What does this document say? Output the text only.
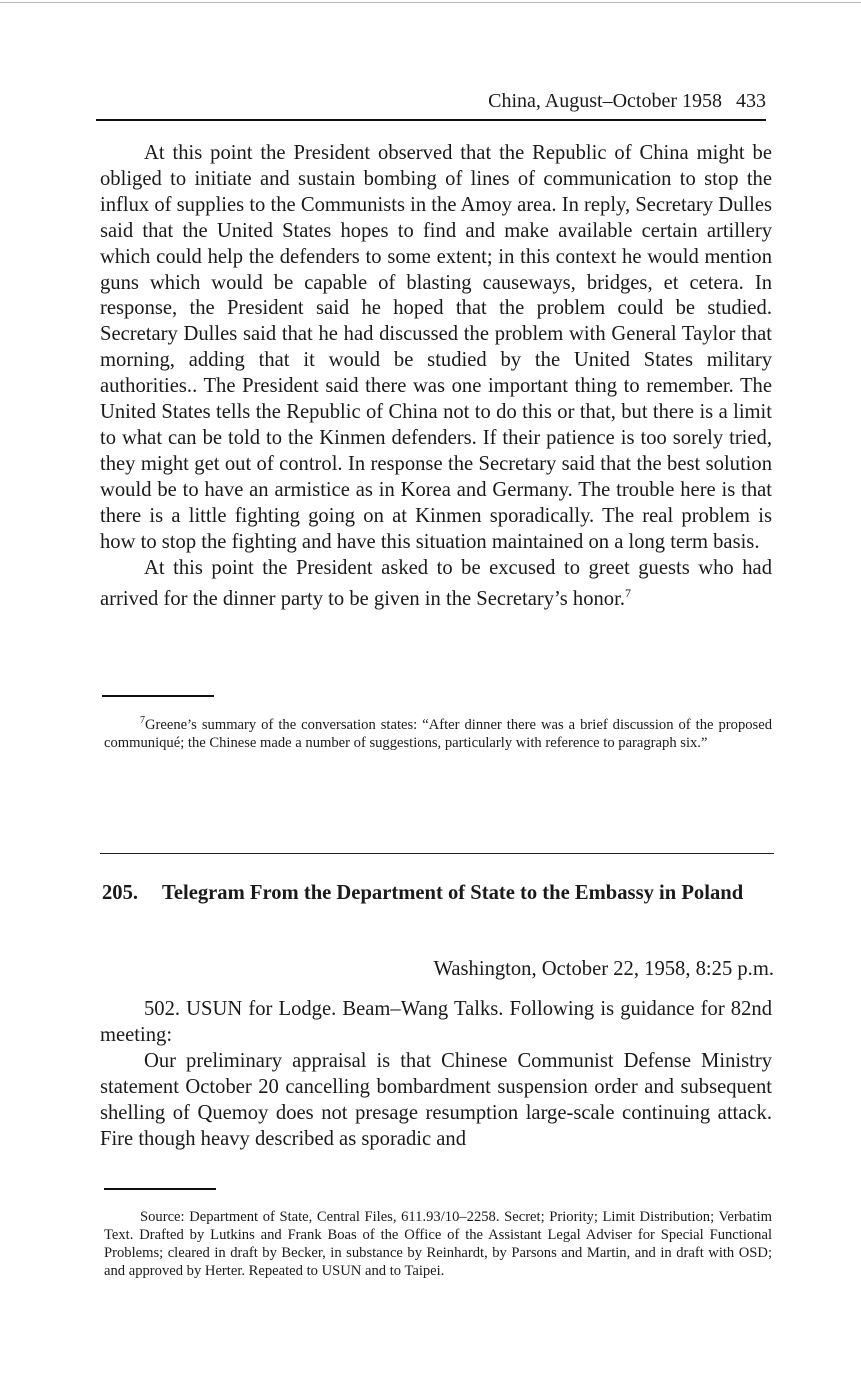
China, August–October 1958 433

At this point the President observed that the Republic of China might be obliged to initiate and sustain bombing of lines of communication to stop the influx of supplies to the Communists in the Amoy area. In reply, Secretary Dulles said that the United States hopes to find and make available certain artillery which could help the defenders to some extent; in this context he would mention guns which would be capable of blasting causeways, bridges, et cetera. In response, the President said he hoped that the problem could be studied. Secretary Dulles said that he had discussed the problem with General Taylor that morning, adding that it would be studied by the United States military authorities.. The President said there was one important thing to remember. The United States tells the Republic of China not to do this or that, but there is a limit to what can be told to the Kinmen defenders. If their patience is too sorely tried, they might get out of control. In response the Secretary said that the best solution would be to have an armistice as in Korea and Germany. The trouble here is that there is a little fighting going on at Kinmen sporadically. The real problem is how to stop the fighting and have this situation maintained on a long term basis.

At this point the President asked to be excused to greet guests who had arrived for the dinner party to be given in the Secretary’s honor.$^7$

$^7$Greene’s summary of the conversation states: “After dinner there was a brief discussion of the proposed communiqué; the Chinese made a number of suggestions, particularly with reference to paragraph six.”

205. Telegram From the Department of State to the Embassy in Poland
Washington, October 22, 1958, 8:25 p.m.

502. USUN for Lodge. Beam–Wang Talks. Following is guidance for 82nd meeting:

Our preliminary appraisal is that Chinese Communist Defense Ministry statement October 20 cancelling bombardment suspension order and subsequent shelling of Quemoy does not presage resumption large-scale continuing attack. Fire though heavy described as sporadic and

Source: Department of State, Central Files, 611.93/10–2258. Secret; Priority; Limit Distribution; Verbatim Text. Drafted by Lutkins and Frank Boas of the Office of the Assistant Legal Adviser for Special Functional Problems; cleared in draft by Becker, in substance by Reinhardt, by Parsons and Martin, and in draft with OSD; and approved by Herter. Repeated to USUN and to Taipei.
